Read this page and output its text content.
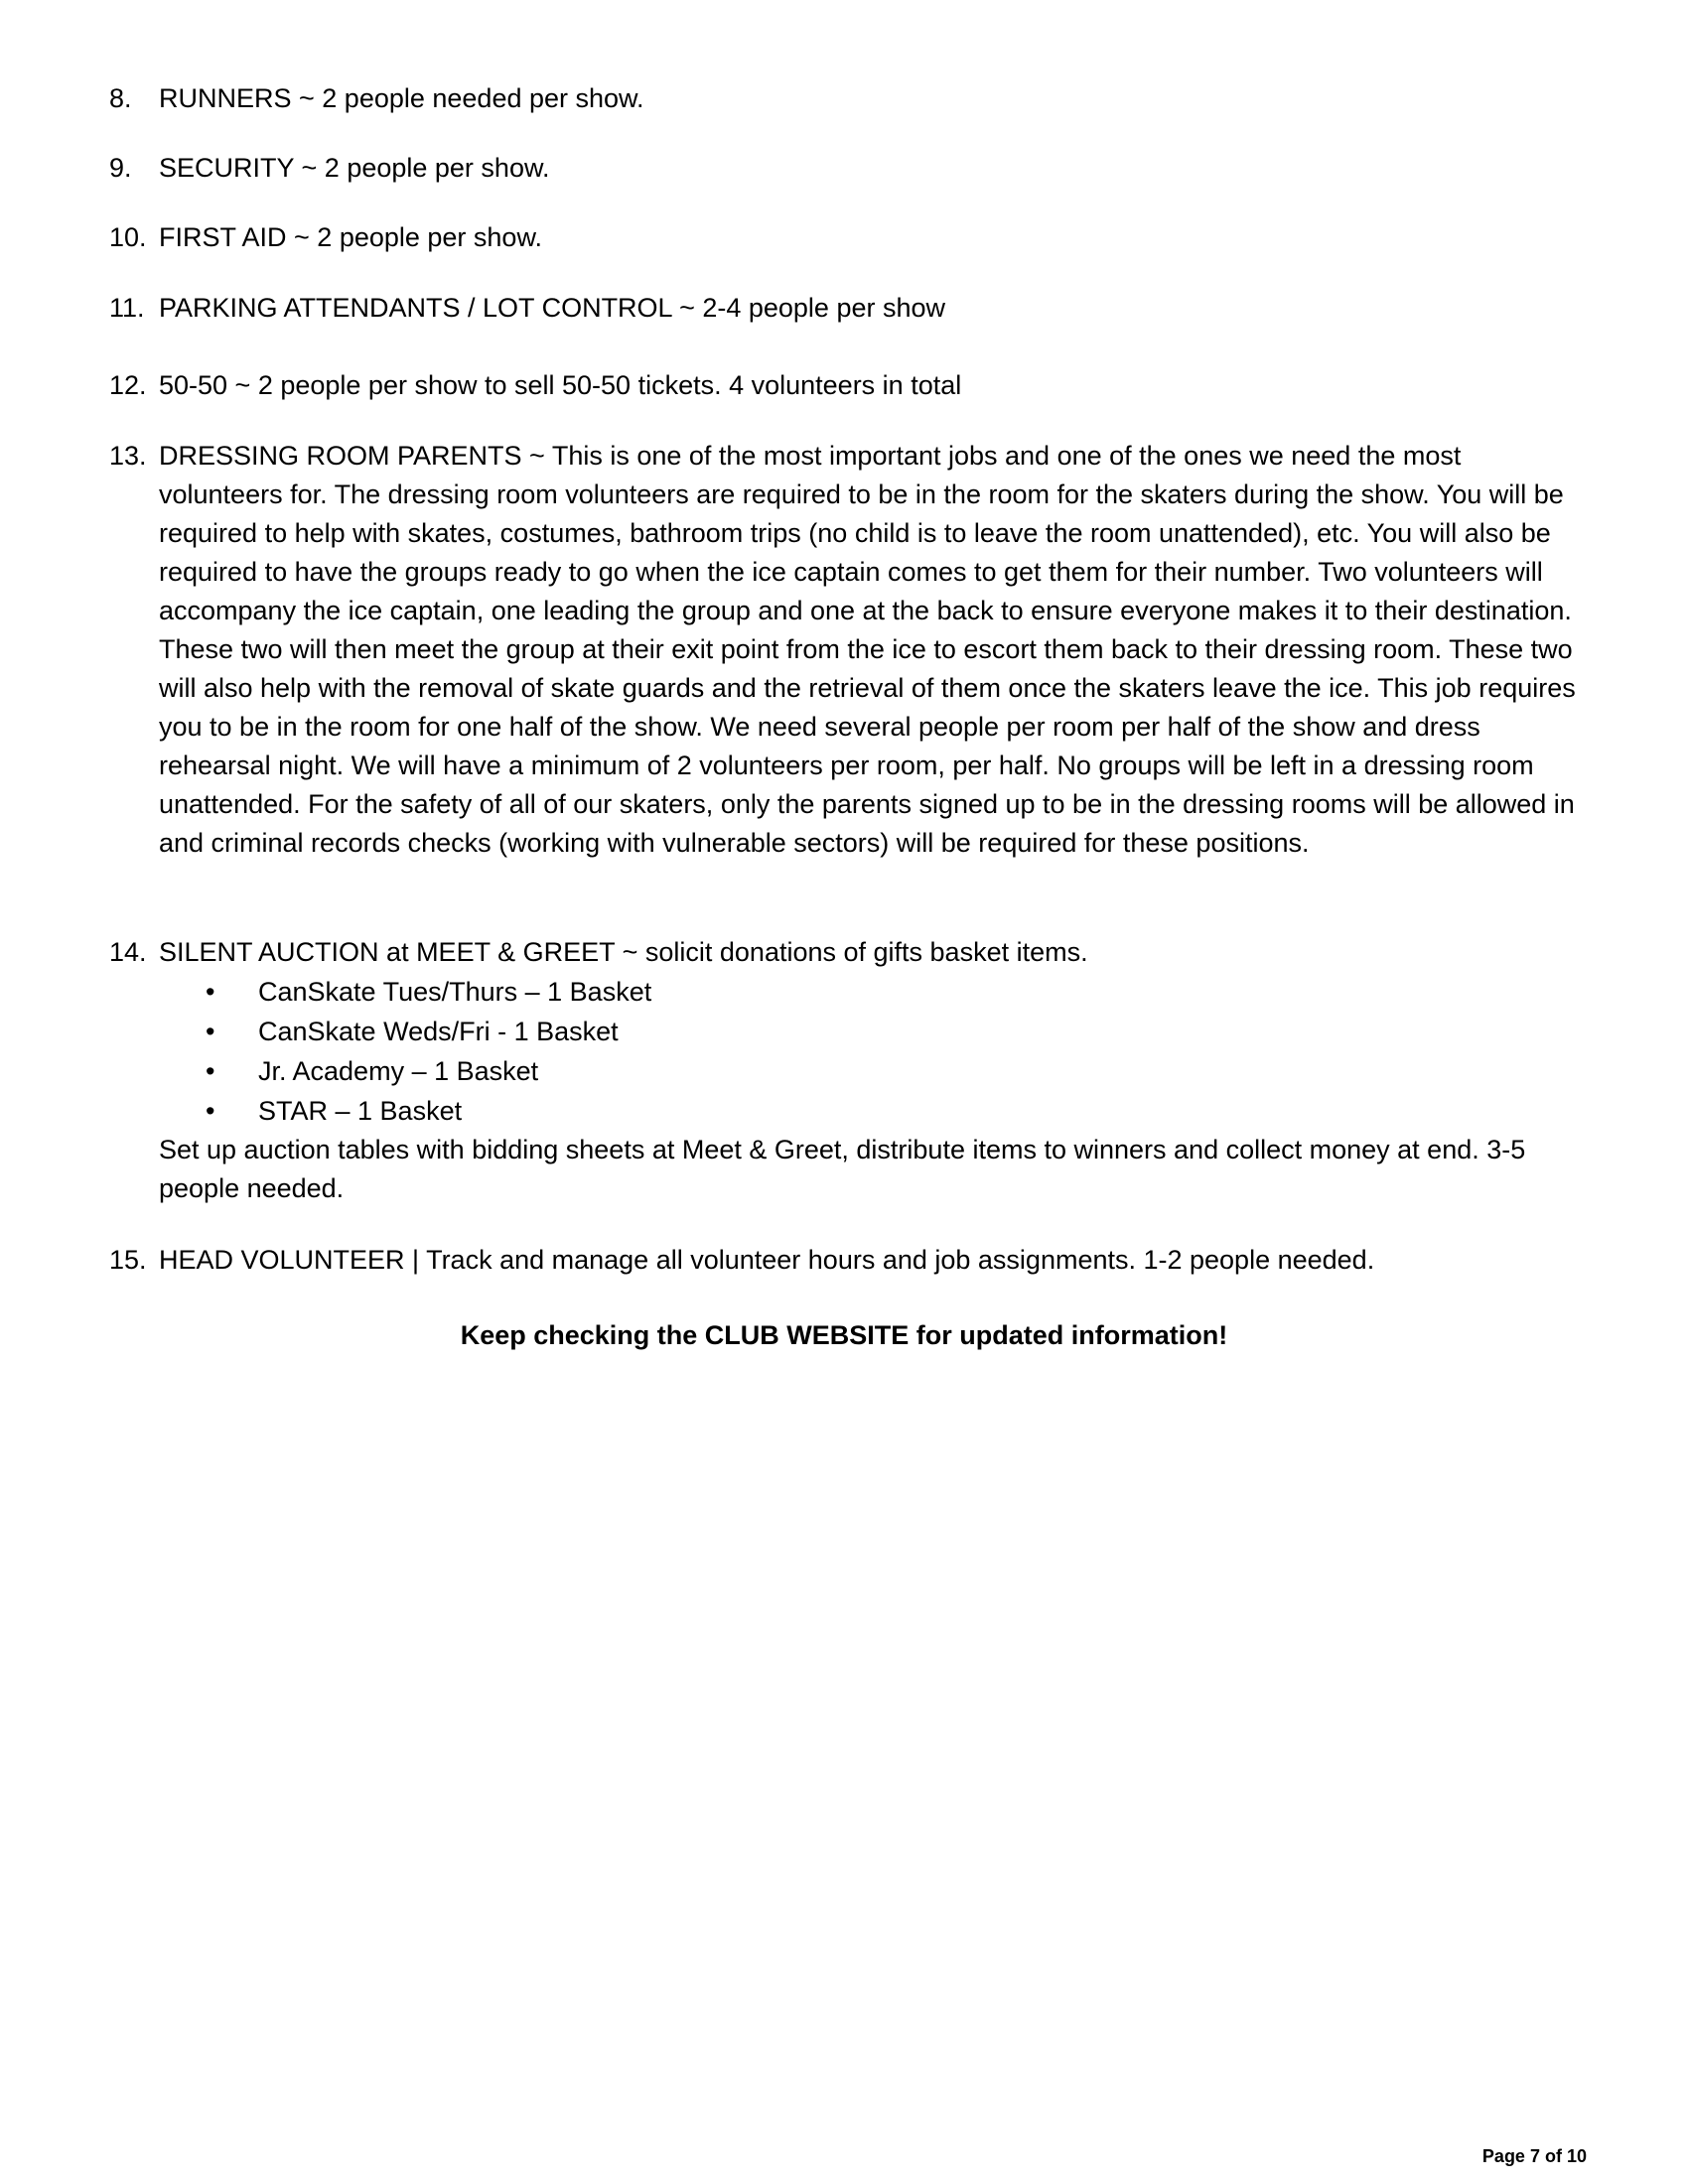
8.	RUNNERS ~ 2 people needed per show.
9.	SECURITY ~ 2 people per show.
10. FIRST AID ~ 2 people per show.
11. PARKING ATTENDANTS / LOT CONTROL ~ 2-4 people per show
12. 50-50 ~ 2 people per show to sell 50-50 tickets. 4 volunteers in total
13. DRESSING ROOM PARENTS ~ This is one of the most important jobs and one of the ones we need the most volunteers for. The dressing room volunteers are required to be in the room for the skaters during the show. You will be required to help with skates, costumes, bathroom trips (no child is to leave the room unattended), etc. You will also be required to have the groups ready to go when the ice captain comes to get them for their number. Two volunteers will accompany the ice captain, one leading the group and one at the back to ensure everyone makes it to their destination. These two will then meet the group at their exit point from the ice to escort them back to their dressing room. These two will also help with the removal of skate guards and the retrieval of them once the skaters leave the ice. This job requires you to be in the room for one half of the show. We need several people per room per half of the show and dress rehearsal night. We will have a minimum of 2 volunteers per room, per half. No groups will be left in a dressing room unattended. For the safety of all of our skaters, only the parents signed up to be in the dressing rooms will be allowed in and criminal records checks (working with vulnerable sectors) will be required for these positions.
14. SILENT AUCTION at MEET & GREET ~ solicit donations of gifts basket items.
• CanSkate Tues/Thurs – 1 Basket
• CanSkate Weds/Fri - 1 Basket
• Jr. Academy – 1 Basket
• STAR – 1 Basket
Set up auction tables with bidding sheets at Meet & Greet, distribute items to winners and collect money at end. 3-5 people needed.
15. HEAD VOLUNTEER | Track and manage all volunteer hours and job assignments. 1-2 people needed.
Keep checking the CLUB WEBSITE for updated information!
Page 7 of 10
